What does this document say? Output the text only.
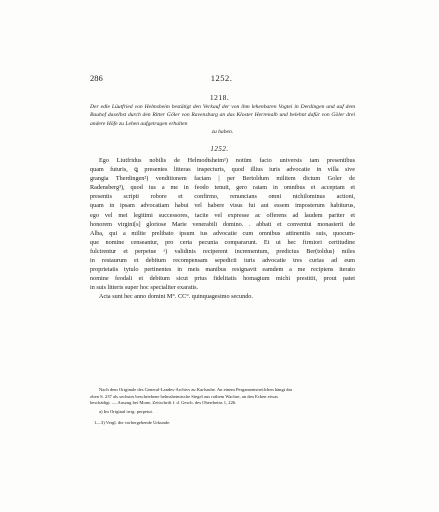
286	1252.
1218.
Der edle Lüutfried von Helmsheim bestätigt den Verkauf der von ihm lehenbaren Vogtei in Derdingen und auf dem Bauhof daselbst durch den Ritter Göler von Ravensburg an das Kloster Herrenalb und belehnt dafür von Göler drei andere Höfe zu Lehen aufgetragen erhalten
zu haben.
1252.
Ego Liutfridus nobilis de Helmodtsheim¹) notūm facio universis tam presentibus
quam futuris, ꝗ presentes litteras inspecturis, quod illius iuris advocatie in villa sive
grangia Therdingen²) venditionem factam | per Bertoldum militem dictum Goler de
Radensberg³), quod ius a me in feodo tenuit, gero ratam in omnibus et acceptam et
presentis scripti robore et confirmo, renuncians omni nichilominus actioni,
quam in ipsam advocatiam habui vel habere visus fui aut essem imposterum habiturus,
ego vel mei legitimi successores, tacite vel expresse ac offerens ad laudem pariter et
honorem virgini[s] gloriose Marie venerabili domino. . abbati et conventui monasterii de
Alba, qui a milite prelibato ipsum ius advocatie cum omnibus attinentiis suis, quocum-
que nomine censeantur, pro certa pecunia compararunt. Et ut hec firmiori certitudine
fulcirentur et perpetue ᵃ) validinis reciperent incrementum, predictus Ber(toldus) miles
in restaurum et debitum recompensam sepedicti iuris advocatie tres curias ad eum
proprietatis tytulo pertinentes in meis manibus resignavit eamdem a me recipiens iterato
nomine feodali et debitum sicut prius fidelitatis homagium michi prestitit, prout patet
in suis litteris super hoc specialiter exaratis.
Acta sunt hec anno domini M°. CC°. quinquagesimo secundo.
Nach dem Originale des General-Landes-Archivs zu Karlsruhe. An einem Pergamentstreifchen hängt das
oben S. 237 als sechstes beschriebene helmsheimische Siegel aus rothem Wachse, an den Ecken etwas
beschädigt. — Auszug bei Mone, Zeitschrift f. d. Gesch. des Oberrheins 1, 226.
a) Im Original irrig: perpetui.
1—3) Vergl. die vorhergehende Urkunde.
